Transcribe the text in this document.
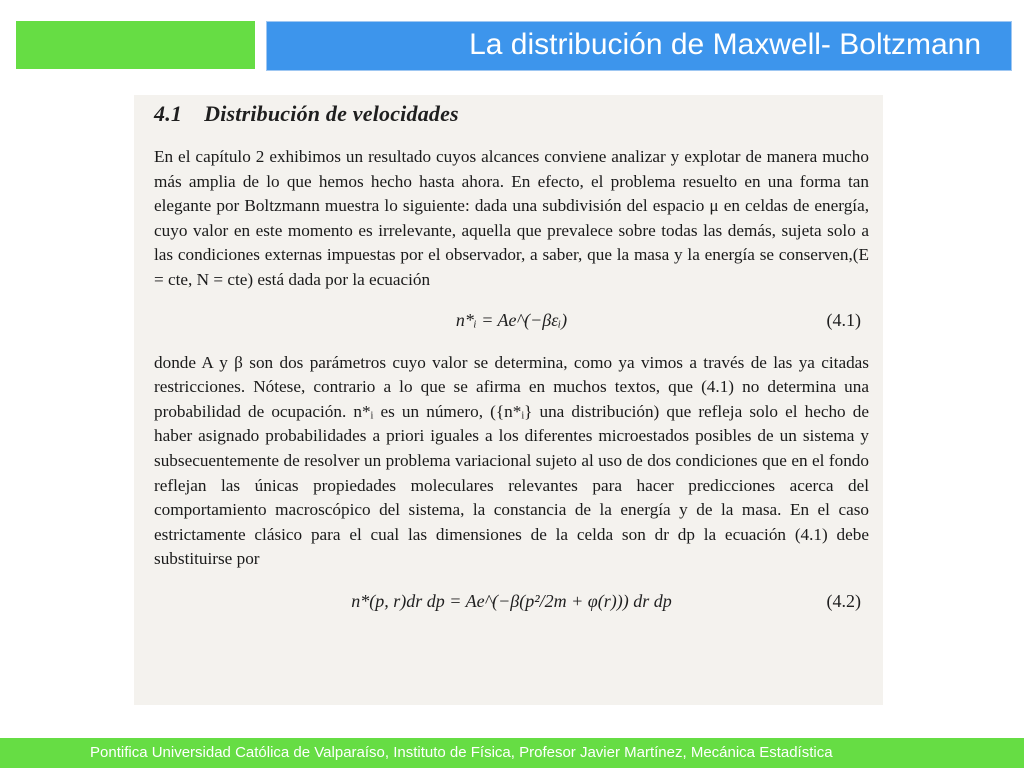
La distribución de Maxwell- Boltzmann
4.1 Distribución de velocidades

En el capítulo 2 exhibimos un resultado cuyos alcances conviene analizar y explotar de manera mucho más amplia de lo que hemos hecho hasta ahora. En efecto, el problema resuelto en una forma tan elegante por Boltzmann muestra lo siguiente: dada una subdivisión del espacio μ en celdas de energía, cuyo valor en este momento es irrelevante, aquella que prevalece sobre todas las demás, sujeta solo a las condiciones externas impuestas por el observador, a saber, que la masa y la energía se conserven,(E = cte, N = cte) está dada por la ecuación

n*ᵢ = Ae^(−βεᵢ)	(4.1)

donde A y β son dos parámetros cuyo valor se determina, como ya vimos a través de las ya citadas restricciones. Nótese, contrario a lo que se afirma en muchos textos, que (4.1) no determina una probabilidad de ocupación. n*ᵢ es un número, ({n*ᵢ} una distribución) que refleja solo el hecho de haber asignado probabilidades a priori iguales a los diferentes microestados posibles de un sistema y subsecuentemente de resolver un problema variacional sujeto al uso de dos condiciones que en el fondo reflejan las únicas propiedades moleculares relevantes para hacer predicciones acerca del comportamiento macroscópico del sistema, la constancia de la energía y de la masa. En el caso estrictamente clásico para el cual las dimensiones de la celda son dr dp la ecuación (4.1) debe substituirse por

n*(p, r)dr dp = Ae^(−β(p²/2m + φ(r))) dr dp	(4.2)

Pontifica Universidad Católica de Valparaíso, Instituto de Física, Profesor Javier Martínez, Mecánica Estadística
